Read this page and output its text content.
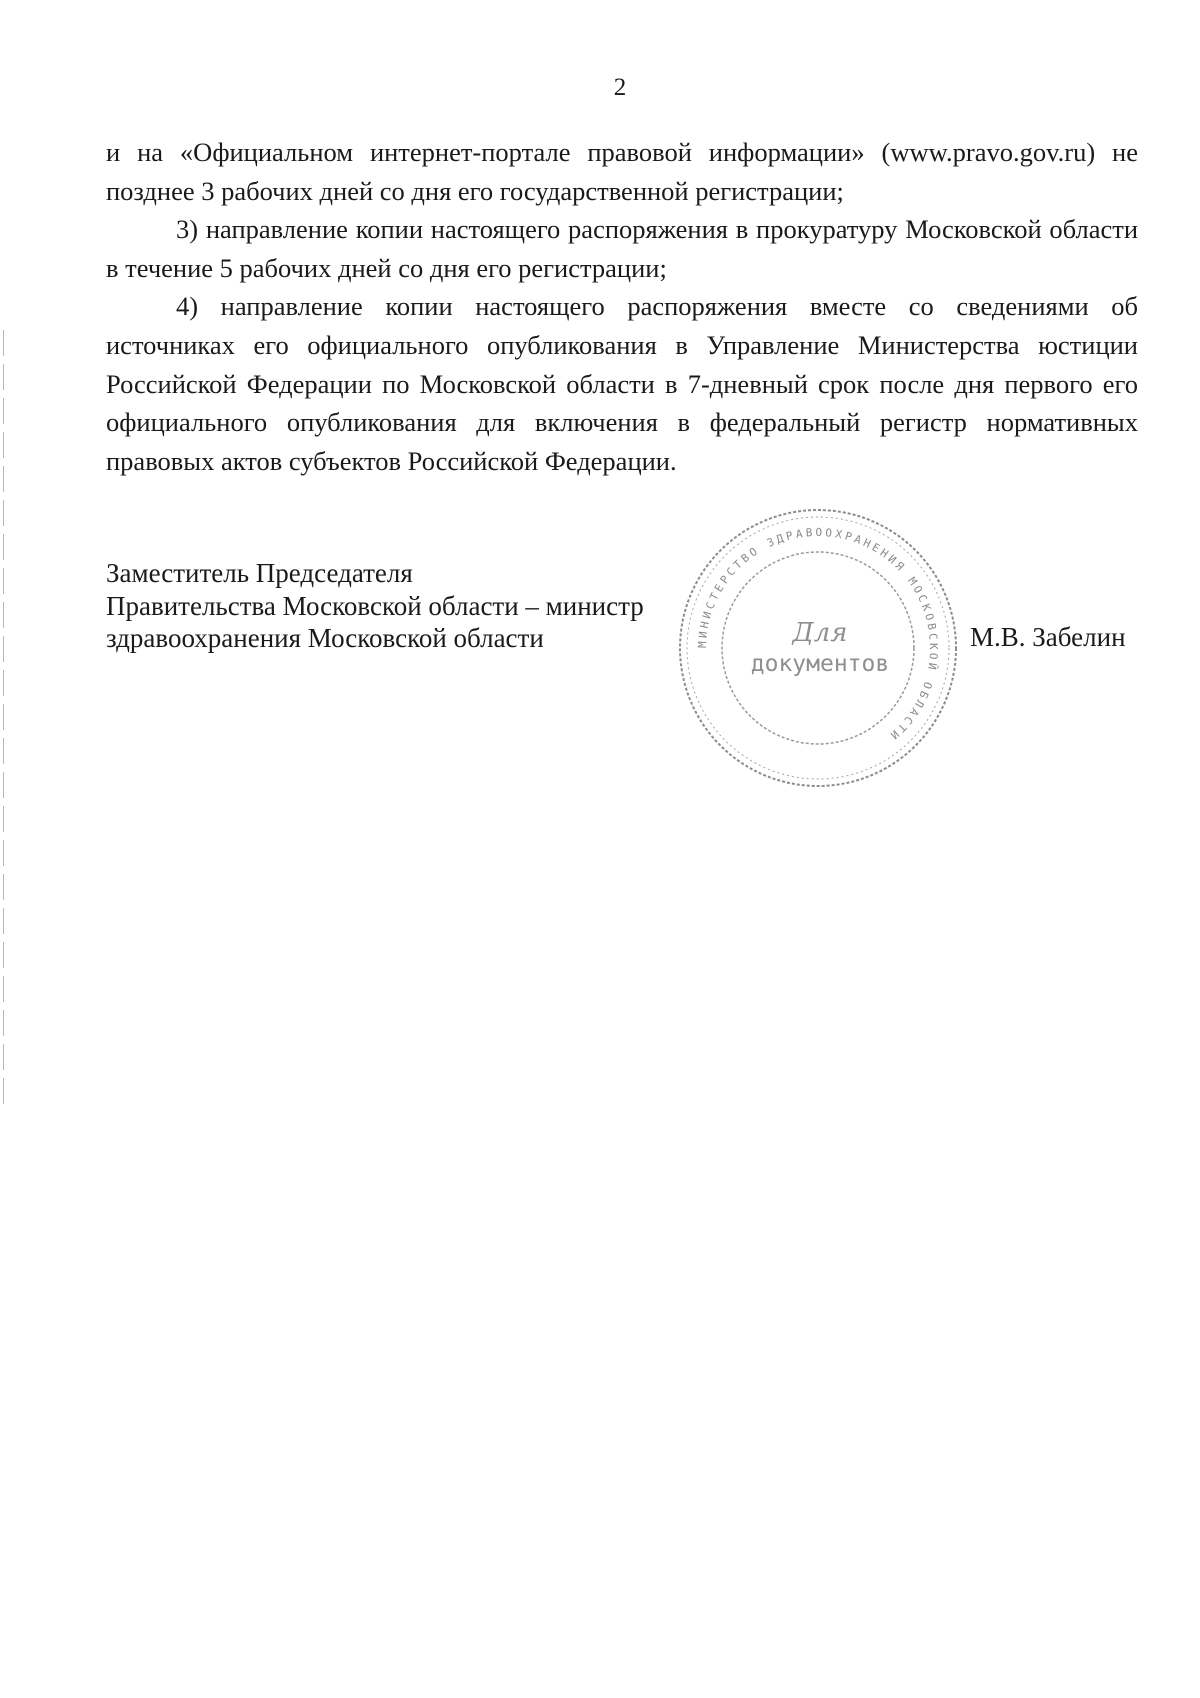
2

и на «Официальном интернет-портале правовой информации» (www.pravo.gov.ru) не позднее 3 рабочих дней со дня его государственной регистрации;

3) направление копии настоящего распоряжения в прокуратуру Московской области в течение 5 рабочих дней со дня его регистрации;

4) направление копии настоящего распоряжения вместе со сведениями об источниках его официального опубликования в Управление Министерства юстиции Российской Федерации по Московской области в 7-дневный срок после дня первого его официального опубликования для включения в федеральный регистр нормативных правовых актов субъектов Российской Федерации.

Заместитель Председателя
Правительства Московской области – министр
здравоохранения Московской области	МИНИСТЕРСТВО ЗДРАВООХРАНЕНИЯ МОСКОВСКОЙ ОБЛАСТИ
Для
документов
М.В. Забелин
